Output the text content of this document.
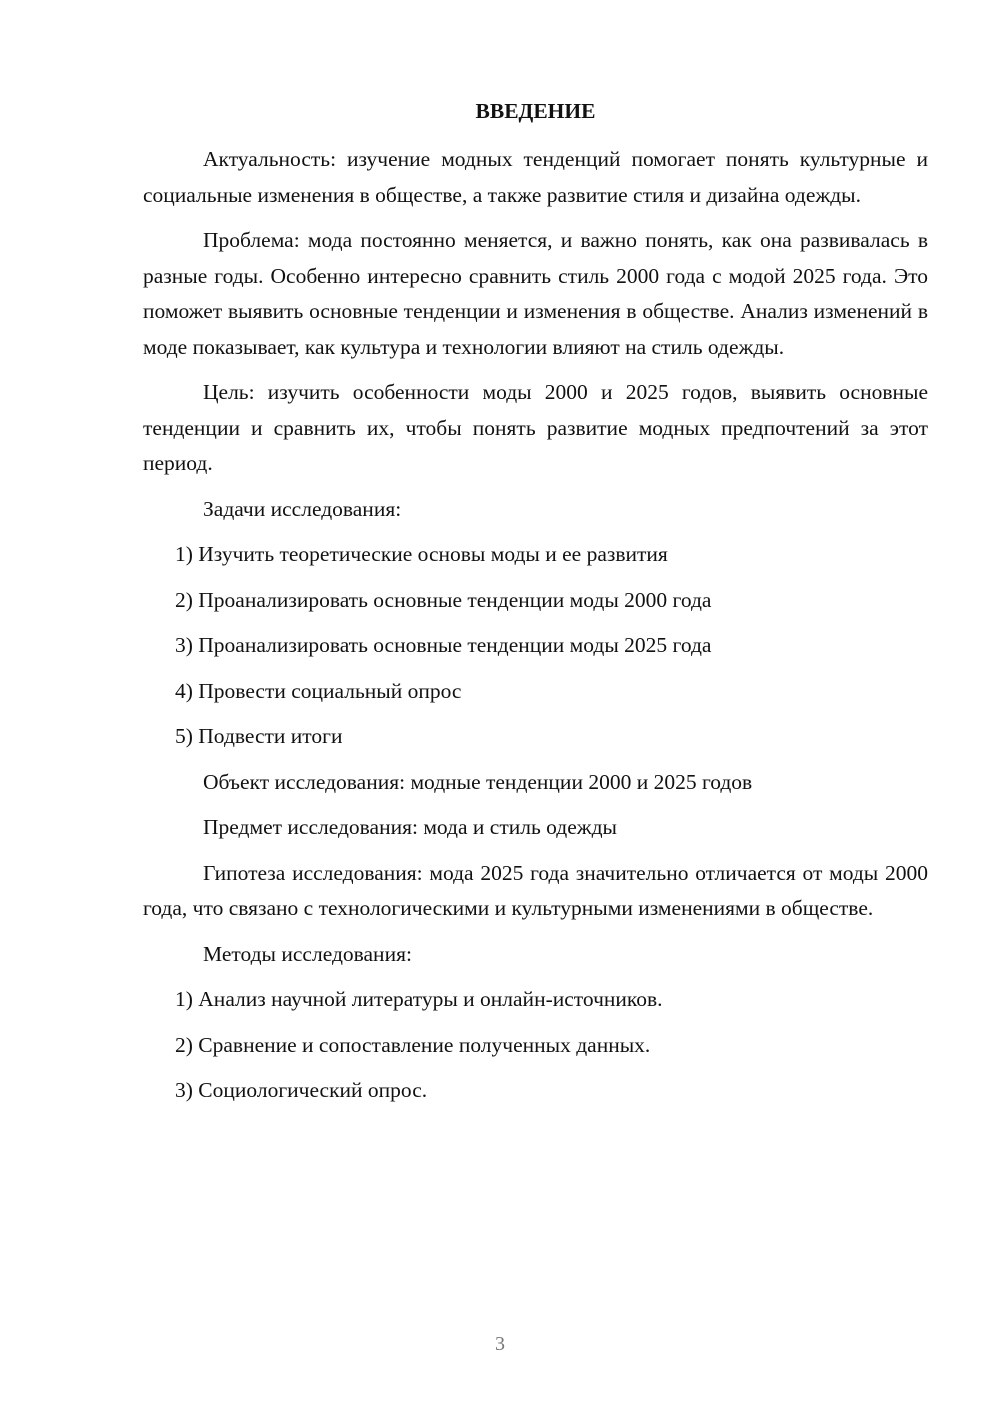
ВВЕДЕНИЕ

Актуальность: изучение модных тенденций помогает понять культурные и социальные изменения в обществе, а также развитие стиля и дизайна одежды.

Проблема: мода постоянно меняется, и важно понять, как она развивалась в разные годы. Особенно интересно сравнить стиль 2000 года с модой 2025 года. Это поможет выявить основные тенденции и изменения в обществе. Анализ изменений в моде показывает, как культура и технологии влияют на стиль одежды.

Цель: изучить особенности моды 2000 и 2025 годов, выявить основные тенденции и сравнить их, чтобы понять развитие модных предпочтений за этот период.

Задачи исследования:

1) Изучить теоретические основы моды и ее развития
2) Проанализировать основные тенденции моды 2000 года
3) Проанализировать основные тенденции моды 2025 года
4) Провести социальный опрос
5) Подвести итоги

Объект исследования: модные тенденции 2000 и 2025 годов

Предмет исследования: мода и стиль одежды

Гипотеза исследования: мода 2025 года значительно отличается от моды 2000 года, что связано с технологическими и культурными изменениями в обществе.

Методы исследования:

1) Анализ научной литературы и онлайн-источников.
2) Сравнение и сопоставление полученных данных.
3) Социологический опрос.
3
